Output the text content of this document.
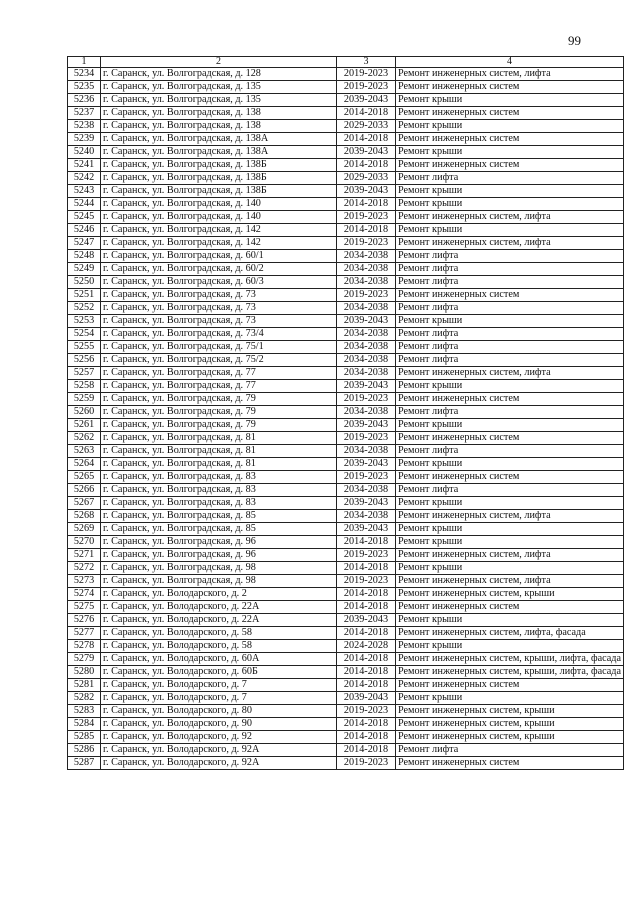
99
1	2	3	4
5234	г. Саранск, ул. Волгоградская, д. 128	2019-2023	Ремонт инженерных систем, лифта
5235	г. Саранск, ул. Волгоградская, д. 135	2019-2023	Ремонт инженерных систем
5236	г. Саранск, ул. Волгоградская, д. 135	2039-2043	Ремонт крыши
5237	г. Саранск, ул. Волгоградская, д. 138	2014-2018	Ремонт инженерных систем
5238	г. Саранск, ул. Волгоградская, д. 138	2029-2033	Ремонт крыши
5239	г. Саранск, ул. Волгоградская, д. 138А	2014-2018	Ремонт инженерных систем
5240	г. Саранск, ул. Волгоградская, д. 138А	2039-2043	Ремонт крыши
5241	г. Саранск, ул. Волгоградская, д. 138Б	2014-2018	Ремонт инженерных систем
5242	г. Саранск, ул. Волгоградская, д. 138Б	2029-2033	Ремонт лифта
5243	г. Саранск, ул. Волгоградская, д. 138Б	2039-2043	Ремонт крыши
5244	г. Саранск, ул. Волгоградская, д. 140	2014-2018	Ремонт крыши
5245	г. Саранск, ул. Волгоградская, д. 140	2019-2023	Ремонт инженерных систем, лифта
5246	г. Саранск, ул. Волгоградская, д. 142	2014-2018	Ремонт крыши
5247	г. Саранск, ул. Волгоградская, д. 142	2019-2023	Ремонт инженерных систем, лифта
5248	г. Саранск, ул. Волгоградская, д. 60/1	2034-2038	Ремонт лифта
5249	г. Саранск, ул. Волгоградская, д. 60/2	2034-2038	Ремонт лифта
5250	г. Саранск, ул. Волгоградская, д. 60/3	2034-2038	Ремонт лифта
5251	г. Саранск, ул. Волгоградская, д. 73	2019-2023	Ремонт инженерных систем
5252	г. Саранск, ул. Волгоградская, д. 73	2034-2038	Ремонт лифта
5253	г. Саранск, ул. Волгоградская, д. 73	2039-2043	Ремонт крыши
5254	г. Саранск, ул. Волгоградская, д. 73/4	2034-2038	Ремонт лифта
5255	г. Саранск, ул. Волгоградская, д. 75/1	2034-2038	Ремонт лифта
5256	г. Саранск, ул. Волгоградская, д. 75/2	2034-2038	Ремонт лифта
5257	г. Саранск, ул. Волгоградская, д. 77	2034-2038	Ремонт инженерных систем, лифта
5258	г. Саранск, ул. Волгоградская, д. 77	2039-2043	Ремонт крыши
5259	г. Саранск, ул. Волгоградская, д. 79	2019-2023	Ремонт инженерных систем
5260	г. Саранск, ул. Волгоградская, д. 79	2034-2038	Ремонт лифта
5261	г. Саранск, ул. Волгоградская, д. 79	2039-2043	Ремонт крыши
5262	г. Саранск, ул. Волгоградская, д. 81	2019-2023	Ремонт инженерных систем
5263	г. Саранск, ул. Волгоградская, д. 81	2034-2038	Ремонт лифта
5264	г. Саранск, ул. Волгоградская, д. 81	2039-2043	Ремонт крыши
5265	г. Саранск, ул. Волгоградская, д. 83	2019-2023	Ремонт инженерных систем
5266	г. Саранск, ул. Волгоградская, д. 83	2034-2038	Ремонт лифта
5267	г. Саранск, ул. Волгоградская, д. 83	2039-2043	Ремонт крыши
5268	г. Саранск, ул. Волгоградская, д. 85	2034-2038	Ремонт инженерных систем, лифта
5269	г. Саранск, ул. Волгоградская, д. 85	2039-2043	Ремонт крыши
5270	г. Саранск, ул. Волгоградская, д. 96	2014-2018	Ремонт крыши
5271	г. Саранск, ул. Волгоградская, д. 96	2019-2023	Ремонт инженерных систем, лифта
5272	г. Саранск, ул. Волгоградская, д. 98	2014-2018	Ремонт крыши
5273	г. Саранск, ул. Волгоградская, д. 98	2019-2023	Ремонт инженерных систем, лифта
5274	г. Саранск, ул. Володарского, д. 2	2014-2018	Ремонт инженерных систем, крыши
5275	г. Саранск, ул. Володарского, д. 22А	2014-2018	Ремонт инженерных систем
5276	г. Саранск, ул. Володарского, д. 22А	2039-2043	Ремонт крыши
5277	г. Саранск, ул. Володарского, д. 58	2014-2018	Ремонт инженерных систем, лифта, фасада
5278	г. Саранск, ул. Володарского, д. 58	2024-2028	Ремонт крыши
5279	г. Саранск, ул. Володарского, д. 60А	2014-2018	Ремонт инженерных систем, крыши, лифта, фасада
5280	г. Саранск, ул. Володарского, д. 60Б	2014-2018	Ремонт инженерных систем, крыши, лифта, фасада
5281	г. Саранск, ул. Володарского, д. 7	2014-2018	Ремонт инженерных систем
5282	г. Саранск, ул. Володарского, д. 7	2039-2043	Ремонт крыши
5283	г. Саранск, ул. Володарского, д. 80	2019-2023	Ремонт инженерных систем, крыши
5284	г. Саранск, ул. Володарского, д. 90	2014-2018	Ремонт инженерных систем, крыши
5285	г. Саранск, ул. Володарского, д. 92	2014-2018	Ремонт инженерных систем, крыши
5286	г. Саранск, ул. Володарского, д. 92А	2014-2018	Ремонт лифта
5287	г. Саранск, ул. Володарского, д. 92А	2019-2023	Ремонт инженерных систем
